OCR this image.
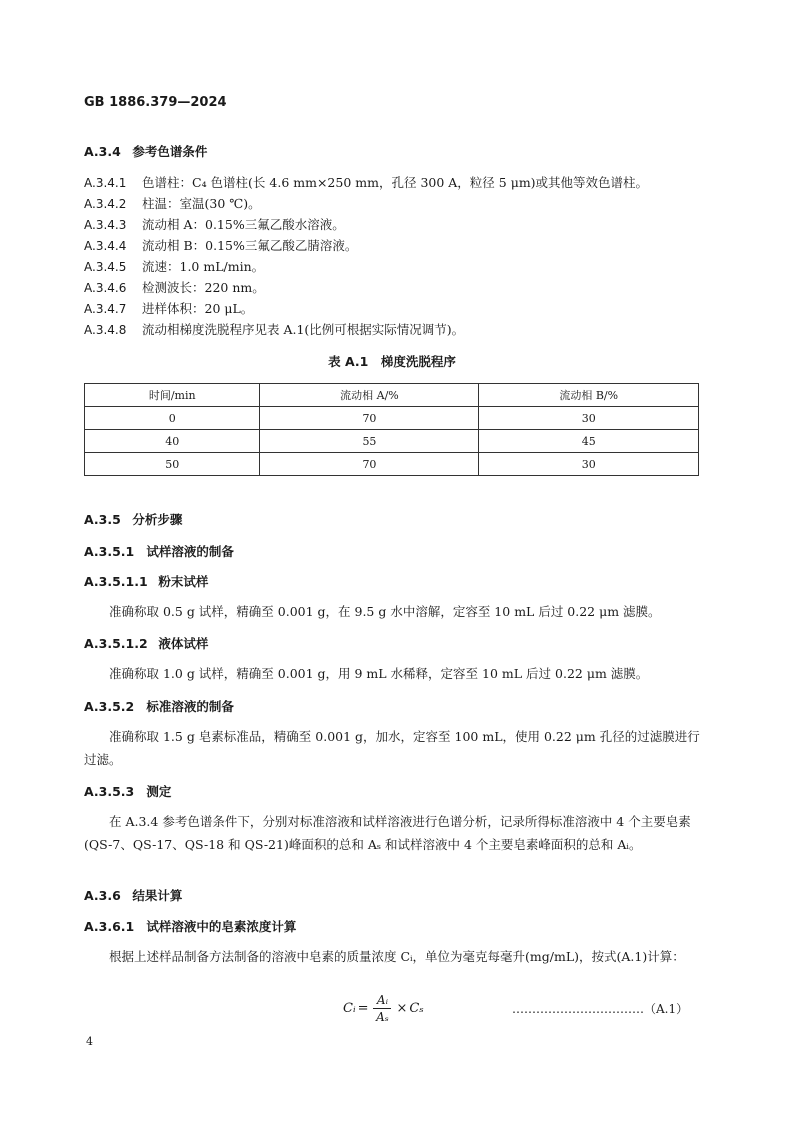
GB 1886.379—2024
A.3.4 参考色谱条件
A.3.4.1 色谱柱：C₄ 色谱柱(长 4.6 mm×250 mm，孔径 300 A，粒径 5 μm)或其他等效色谱柱。
A.3.4.2 柱温：室温(30 ℃)。
A.3.4.3 流动相 A：0.15%三氟乙酸水溶液。
A.3.4.4 流动相 B：0.15%三氟乙酸乙腈溶液。
A.3.4.5 流速：1.0 mL/min。
A.3.4.6 检测波长：220 nm。
A.3.4.7 进样体积：20 μL。
A.3.4.8 流动相梯度洗脱程序见表 A.1(比例可根据实际情况调节)。
表 A.1　梯度洗脱程序
时间/min	流动相 A/%	流动相 B/%
0	70	30
40	55	45
50	70	30
A.3.5 分析步骤
A.3.5.1 试样溶液的制备
A.3.5.1.1 粉末试样
准确称取 0.5 g 试样，精确至 0.001 g，在 9.5 g 水中溶解，定容至 10 mL 后过 0.22 μm 滤膜。
A.3.5.1.2 液体试样
准确称取 1.0 g 试样，精确至 0.001 g，用 9 mL 水稀释，定容至 10 mL 后过 0.22 μm 滤膜。
A.3.5.2 标准溶液的制备
准确称取 1.5 g 皂素标准品，精确至 0.001 g，加水，定容至 100 mL，使用 0.22 μm 孔径的过滤膜进行过滤。
A.3.5.3 测定
在 A.3.4 参考色谱条件下，分别对标准溶液和试样溶液进行色谱分析，记录所得标准溶液中 4 个主要皂素(QS-7、QS-17、QS-18 和 QS-21)峰面积的总和 Aₛ 和试样溶液中 4 个主要皂素峰面积的总和 Aᵢ。
A.3.6 结果计算
A.3.6.1 试样溶液中的皂素浓度计算
根据上述样品制备方法制备的溶液中皂素的质量浓度 Cᵢ，单位为毫克每毫升(mg/mL)，按式(A.1)计算：
Cᵢ = $\frac{\text{Aᵢ}}{\text{Aₛ}} \times C_s$	……………………………（A.1）
4
